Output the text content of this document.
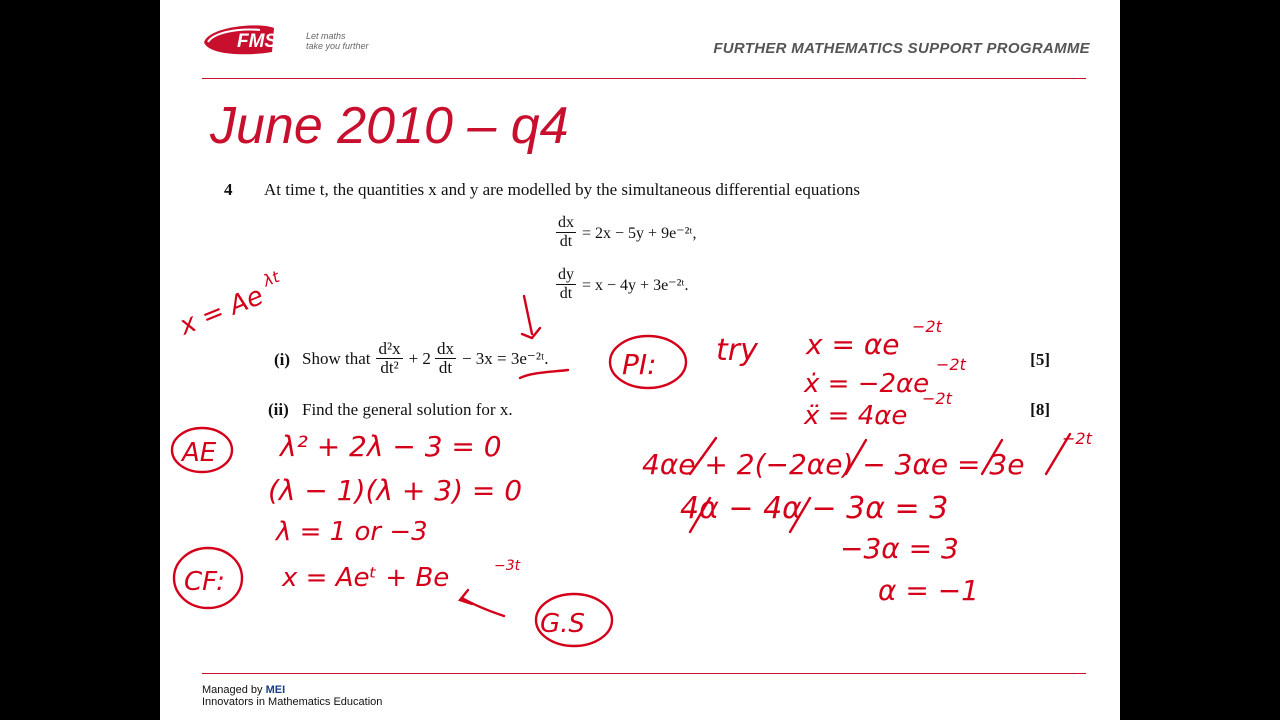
FMSP Let maths
take you further	FURTHER MATHEMATICS SUPPORT PROGRAMME
June 2010 – q4
4 At time t, the quantities x and y are modelled by the simultaneous differential equations
$\frac{dx}{dt} = 2x - 5y$ + 9e⁻²ᵗ,
$\frac{dy}{dt} = x - 4y$ + 3e⁻²ᵗ.
(i) Show that $\frac{\text{d²x}}{\text{dt²}} + 2 \frac{dx}{dt} - 3x$ = 3e⁻²ᵗ.	[5]
(ii) Find the general solution for x.	[8]
x = Ae
λt
AE λ² + 2λ − 3 = 0
(λ − 1)(λ + 3) = 0
λ = 1 or −3
CF: x = Aeᵗ + Be	−3t
G.S
PI: try x = αe
−2t
ẋ = −2αe
−2t
ẍ = 4αe
−2t
4αe + 2(−2αe) − 3αe = 3e
−2t
4α − 4α − 3α = 3
−3α = 3
α = −1
Managed by MEI
Innovators in Mathematics Education
